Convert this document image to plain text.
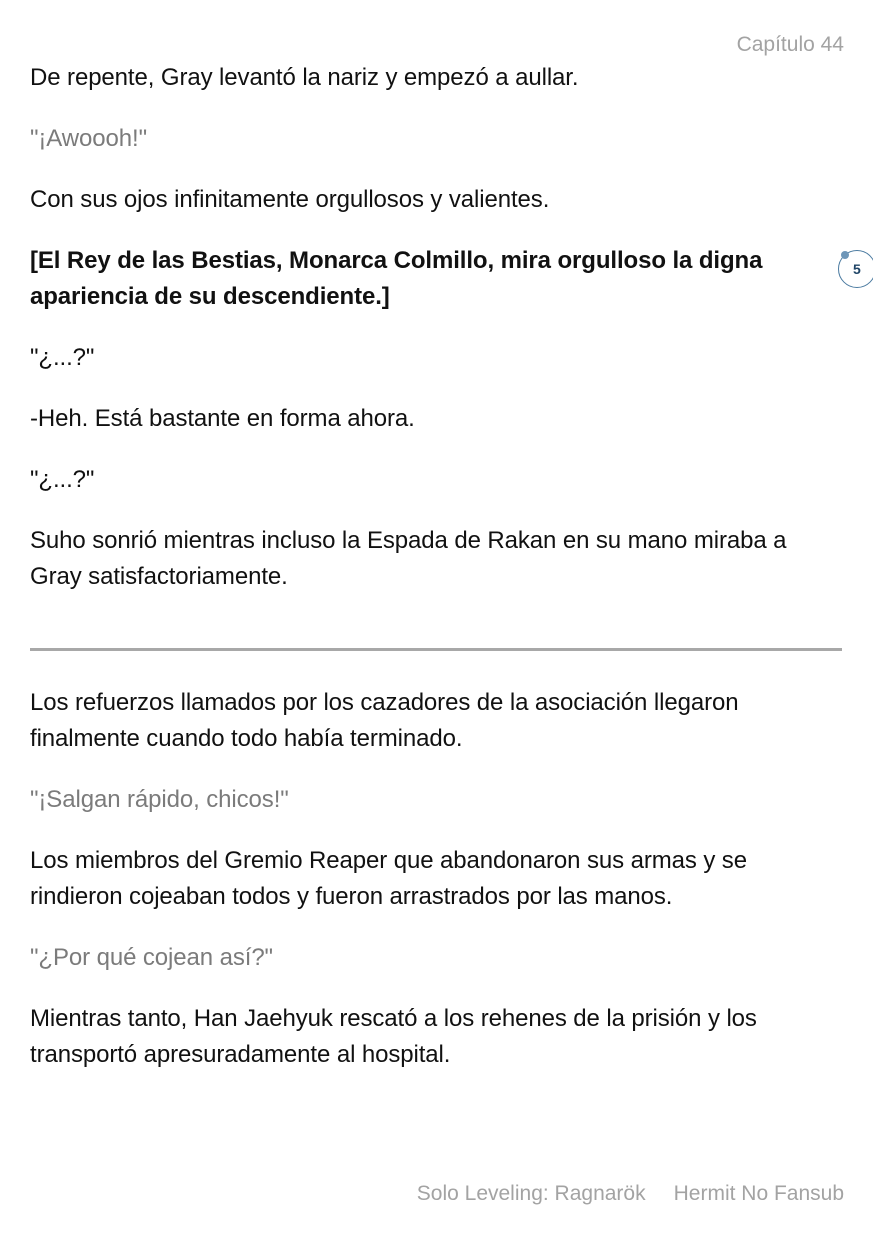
Capítulo 44

De repente, Gray levantó la nariz y empezó a aullar.

"¡Awoooh!"

Con sus ojos infinitamente orgullosos y valientes.

[El Rey de las Bestias, Monarca Colmillo, mira orgulloso la digna apariencia de su descendiente.]

"¿...?"

-Heh. Está bastante en forma ahora.

"¿...?"

Suho sonrió mientras incluso la Espada de Rakan en su mano miraba a Gray satisfactoriamente.

Los refuerzos llamados por los cazadores de la asociación llegaron finalmente cuando todo había terminado.

"¡Salgan rápido, chicos!"

Los miembros del Gremio Reaper que abandonaron sus armas y se rindieron cojeaban todos y fueron arrastrados por las manos.

"¿Por qué cojean así?"

Mientras tanto, Han Jaehyuk rescató a los rehenes de la prisión y los transportó apresuradamente al hospital.

5
Solo Leveling: Ragnarök Hermit No Fansub
